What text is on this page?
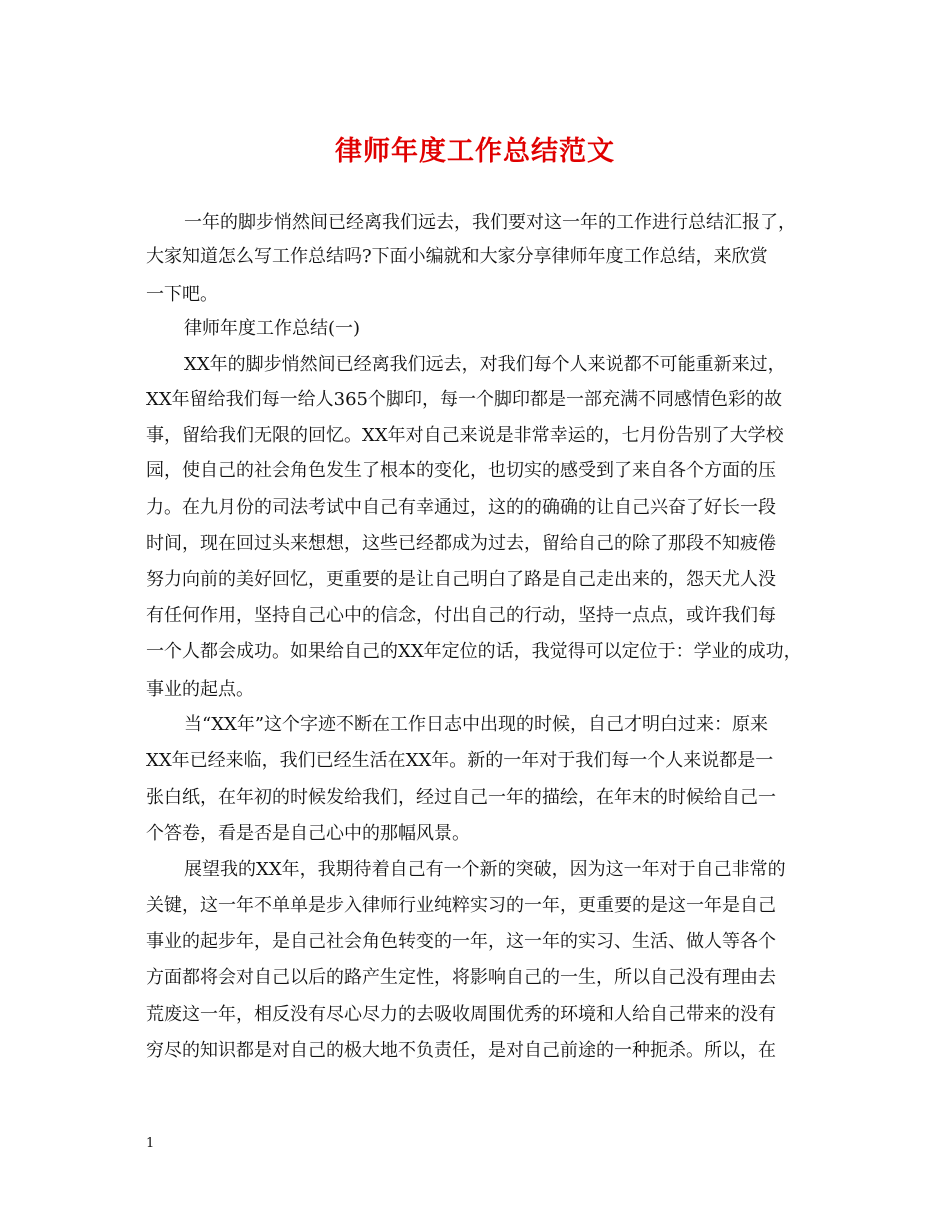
律师年度工作总结范文
一年的脚步悄然间已经离我们远去，我们要对这一年的工作进行总结汇报了，
大家知道怎么写工作总结吗?下面小编就和大家分享律师年度工作总结，来欣赏
一下吧。
律师年度工作总结(一)
XX年的脚步悄然间已经离我们远去，对我们每个人来说都不可能重新来过，
XX年留给我们每一给人365个脚印，每一个脚印都是一部充满不同感情色彩的故
事，留给我们无限的回忆。XX年对自己来说是非常幸运的，七月份告别了大学校
园，使自己的社会角色发生了根本的变化，也切实的感受到了来自各个方面的压
力。在九月份的司法考试中自己有幸通过，这的的确确的让自己兴奋了好长一段
时间，现在回过头来想想，这些已经都成为过去，留给自己的除了那段不知疲倦
努力向前的美好回忆，更重要的是让自己明白了路是自己走出来的，怨天尤人没
有任何作用，坚持自己心中的信念，付出自己的行动，坚持一点点，或许我们每
一个人都会成功。如果给自己的XX年定位的话，我觉得可以定位于：学业的成功，
事业的起点。
当“XX年”这个字迹不断在工作日志中出现的时候，自己才明白过来：原来
XX年已经来临，我们已经生活在XX年。新的一年对于我们每一个人来说都是一
张白纸，在年初的时候发给我们，经过自己一年的描绘，在年末的时候给自己一
个答卷，看是否是自己心中的那幅风景。
展望我的XX年，我期待着自己有一个新的突破，因为这一年对于自己非常的
关键，这一年不单单是步入律师行业纯粹实习的一年，更重要的是这一年是自己
事业的起步年，是自己社会角色转变的一年，这一年的实习、生活、做人等各个
方面都将会对自己以后的路产生定性，将影响自己的一生，所以自己没有理由去
荒废这一年，相反没有尽心尽力的去吸收周围优秀的环境和人给自己带来的没有
穷尽的知识都是对自己的极大地不负责任，是对自己前途的一种扼杀。所以，在
1
